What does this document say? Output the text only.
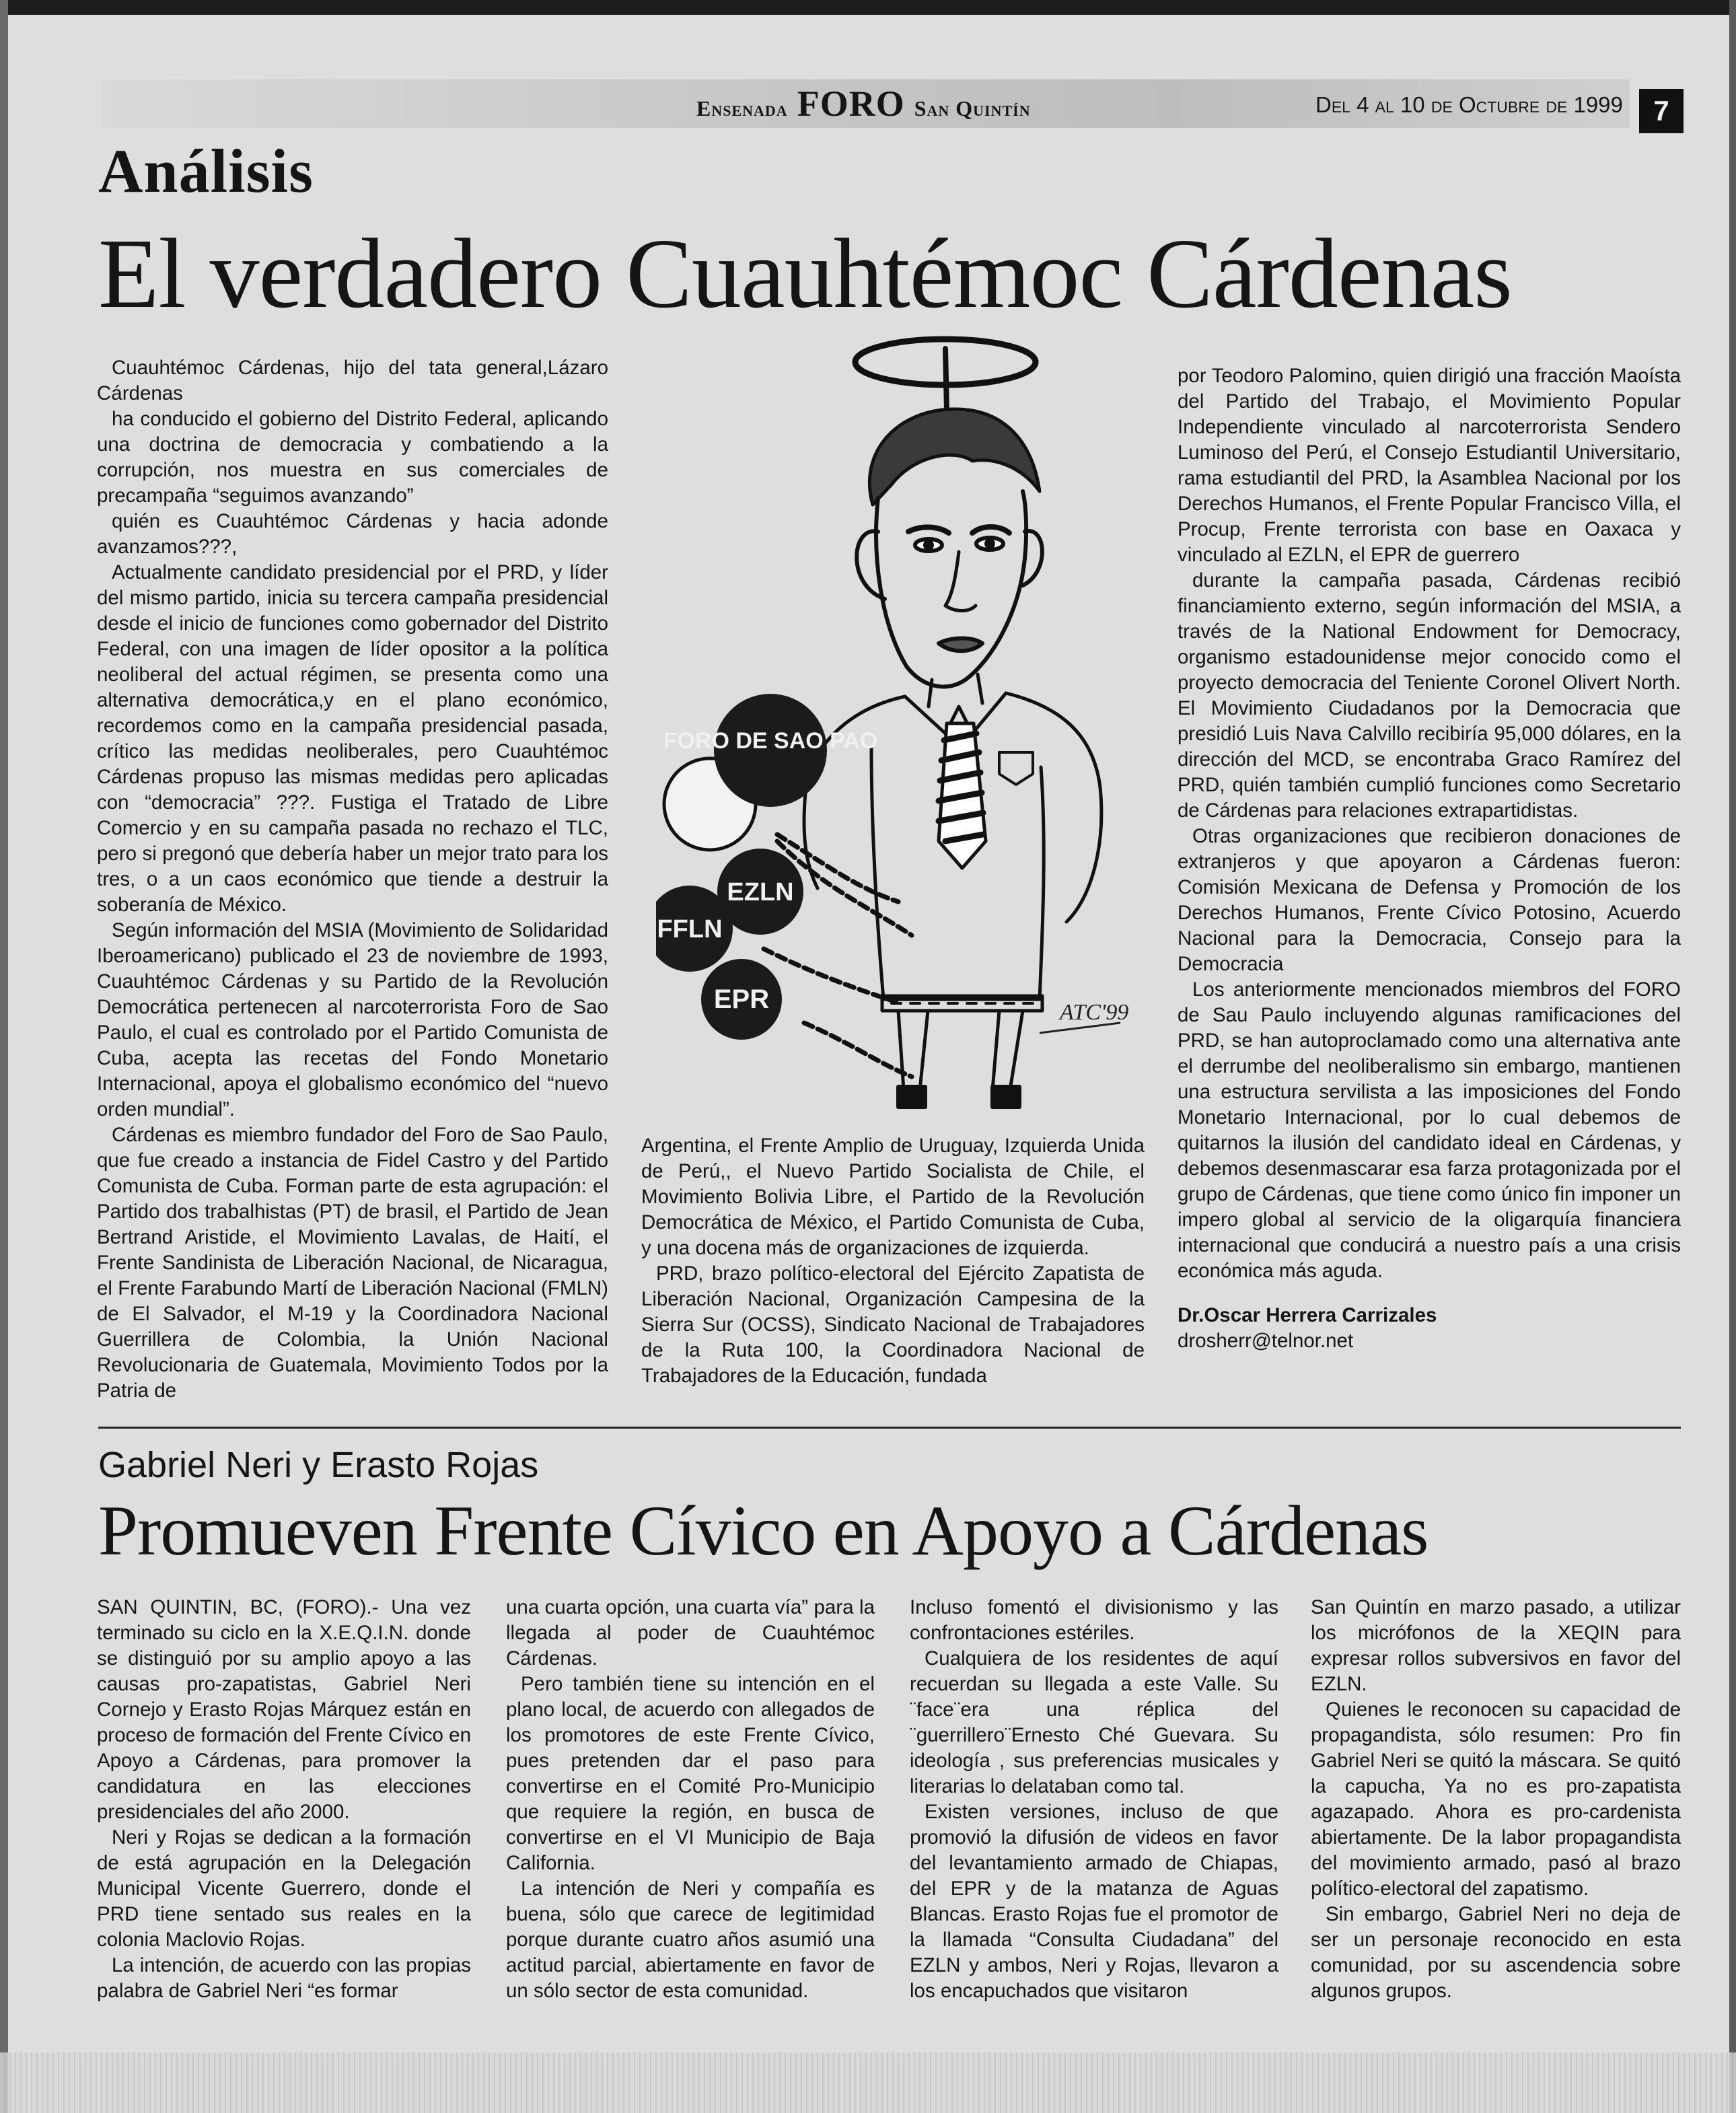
Ensenada FORO San Quintín	Del 4 al 10 de Octubre de 1999	7
Análisis
El verdadero Cuauhtémoc Cárdenas

Cuauhtémoc Cárdenas, hijo del tata general,Lázaro Cárdenas

ha conducido el gobierno del Distrito Federal, aplicando una doctrina de democracia y combatiendo a la corrupción, nos muestra en sus comerciales de precampaña “seguimos avanzando”

quién es Cuauhtémoc Cárdenas y hacia adonde avanzamos???,

Actualmente candidato presidencial por el PRD, y líder del mismo partido, inicia su tercera campaña presidencial desde el inicio de funciones como gobernador del Distrito Federal, con una imagen de líder opositor a la política neoliberal del actual régimen, se presenta como una alternativa democrática,y en el plano económico, recordemos como en la campaña presidencial pasada, crítico las medidas neoliberales, pero Cuauhtémoc Cárdenas propuso las mismas medidas pero aplicadas con “democracia” ???. Fustiga el Tratado de Libre Comercio y en su campaña pasada no rechazo el TLC, pero si pregonó que debería haber un mejor trato para los tres, o a un caos económico que tiende a destruir la soberanía de México.

Según información del MSIA (Movimiento de Solidaridad Iberoamericano) publicado el 23 de noviembre de 1993, Cuauhtémoc Cárdenas y su Partido de la Revolución Democrática pertenecen al narcoterrorista Foro de Sao Paulo, el cual es controlado por el Partido Comunista de Cuba, acepta las recetas del Fondo Monetario Internacional, apoya el globalismo económico del “nuevo orden mundial”.

Cárdenas es miembro fundador del Foro de Sao Paulo, que fue creado a instancia de Fidel Castro y del Partido Comunista de Cuba. Forman parte de esta agrupación: el Partido dos trabalhistas (PT) de brasil, el Partido de Jean Bertrand Aristide, el Movimiento Lavalas, de Haití, el Frente Sandinista de Liberación Nacional, de Nicaragua, el Frente Farabundo Martí de Liberación Nacional (FMLN) de El Salvador, el M-19 y la Coordinadora Nacional Guerrillera de Colombia, la Unión Nacional Revolucionaria de Guatemala, Movimiento Todos por la Patria de

FORO DE SAO PAO
EZLN
FFLN
EPR	ATC'99

Argentina, el Frente Amplio de Uruguay, Izquierda Unida de Perú,, el Nuevo Partido Socialista de Chile, el Movimiento Bolivia Libre, el Partido de la Revolución Democrática de México, el Partido Comunista de Cuba, y una docena más de organizaciones de izquierda.

PRD, brazo político-electoral del Ejército Zapatista de Liberación Nacional, Organización Campesina de la Sierra Sur (OCSS), Sindicato Nacional de Trabajadores de la Ruta 100, la Coordinadora Nacional de Trabajadores de la Educación, fundada

por Teodoro Palomino, quien dirigió una fracción Maoísta del Partido del Trabajo, el Movimiento Popular Independiente vinculado al narcoterrorista Sendero Luminoso del Perú, el Consejo Estudiantil Universitario, rama estudiantil del PRD, la Asamblea Nacional por los Derechos Humanos, el Frente Popular Francisco Villa, el Procup, Frente terrorista con base en Oaxaca y vinculado al EZLN, el EPR de guerrero

durante la campaña pasada, Cárdenas recibió financiamiento externo, según información del MSIA, a través de la National Endowment for Democracy, organismo estadounidense mejor conocido como el proyecto democracia del Teniente Coronel Olivert North. El Movimiento Ciudadanos por la Democracia que presidió Luis Nava Calvillo recibiría 95,000 dólares, en la dirección del MCD, se encontraba Graco Ramírez del PRD, quién también cumplió funciones como Secretario de Cárdenas para relaciones extrapartidistas.

Otras organizaciones que recibieron donaciones de extranjeros y que apoyaron a Cárdenas fueron: Comisión Mexicana de Defensa y Promoción de los Derechos Humanos, Frente Cívico Potosino, Acuerdo Nacional para la Democracia, Consejo para la Democracia

Los anteriormente mencionados miembros del FORO de Sau Paulo incluyendo algunas ramificaciones del PRD, se han autoproclamado como una alternativa ante el derrumbe del neoliberalismo sin embargo, mantienen una estructura servilista a las imposiciones del Fondo Monetario Internacional, por lo cual debemos de quitarnos la ilusión del candidato ideal en Cárdenas, y debemos desenmascarar esa farza protagonizada por el grupo de Cárdenas, que tiene como único fin imponer un impero global al servicio de la oligarquía financiera internacional que conducirá a nuestro país a una crisis económica más aguda.

Dr.Oscar Herrera Carrizales

drosherr@telnor.net

Gabriel Neri y Erasto Rojas
Promueven Frente Cívico en Apoyo a Cárdenas

SAN QUINTIN, BC, (FORO).- Una vez terminado su ciclo en la X.E.Q.I.N. donde se distinguió por su amplio apoyo a las causas pro-zapatistas, Gabriel Neri Cornejo y Erasto Rojas Márquez están en proceso de formación del Frente Cívico en Apoyo a Cárdenas, para promover la candidatura en las elecciones presidenciales del año 2000.

Neri y Rojas se dedican a la formación de está agrupación en la Delegación Municipal Vicente Guerrero, donde el PRD tiene sentado sus reales en la colonia Maclovio Rojas.

La intención, de acuerdo con las propias palabra de Gabriel Neri “es formar

una cuarta opción, una cuarta vía” para la llegada al poder de Cuauhtémoc Cárdenas.

Pero también tiene su intención en el plano local, de acuerdo con allegados de los promotores de este Frente Cívico, pues pretenden dar el paso para convertirse en el Comité Pro-Municipio que requiere la región, en busca de convertirse en el VI Municipio de Baja California.

La intención de Neri y compañía es buena, sólo que carece de legitimidad porque durante cuatro años asumió una actitud parcial, abiertamente en favor de un sólo sector de esta comunidad.

Incluso fomentó el divisionismo y las confrontaciones estériles.

Cualquiera de los residentes de aquí recuerdan su llegada a este Valle. Su ¨face¨era una réplica del ¨guerrillero¨Ernesto Ché Guevara. Su ideología , sus preferencias musicales y literarias lo delataban como tal.

Existen versiones, incluso de que promovió la difusión de videos en favor del levantamiento armado de Chiapas, del EPR y de la matanza de Aguas Blancas. Erasto Rojas fue el promotor de la llamada “Consulta Ciudadana” del EZLN y ambos, Neri y Rojas, llevaron a los encapuchados que visitaron

San Quintín en marzo pasado, a utilizar los micrófonos de la XEQIN para expresar rollos subversivos en favor del EZLN.

Quienes le reconocen su capacidad de propagandista, sólo resumen: Pro fin Gabriel Neri se quitó la máscara. Se quitó la capucha, Ya no es pro-zapatista agazapado. Ahora es pro-cardenista abiertamente. De la labor propagandista del movimiento armado, pasó al brazo político-electoral del zapatismo.

Sin embargo, Gabriel Neri no deja de ser un personaje reconocido en esta comunidad, por su ascendencia sobre algunos grupos.
